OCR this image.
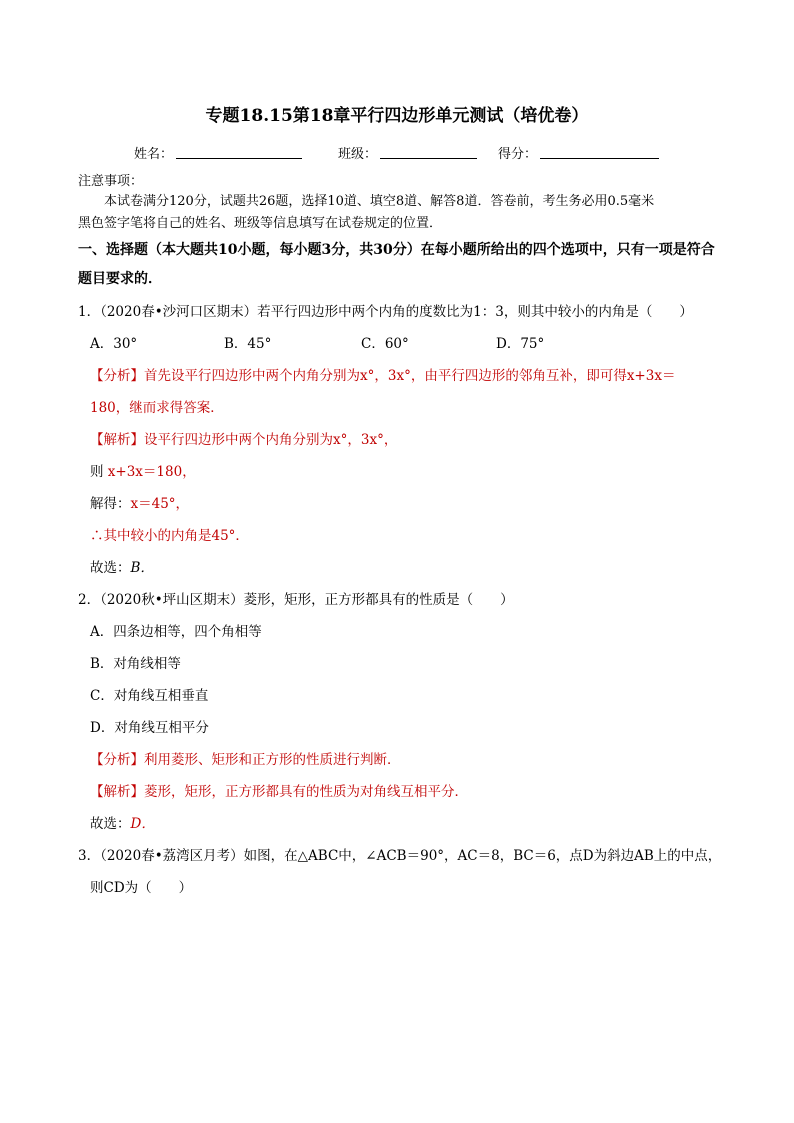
专题18.15第18章平行四边形单元测试（培优卷）
姓名：	班级：	得分：
注意事项：
本试卷满分120分，试题共26题，选择10道、填空8道、解答8道．答卷前，考生务必用0.5毫米
黑色签字笔将自己的姓名、班级等信息填写在试卷规定的位置．
一、选择题（本大题共10小题，每小题3分，共30分）在每小题所给出的四个选项中，只有一项是符合
题目要求的．
1．（2020春•沙河口区期末）若平行四边形中两个内角的度数比为1：3，则其中较小的内角是（　　）
A．30°	B．45°	C．60°	D．75°
【分析】首先设平行四边形中两个内角分别为x°，3x°，由平行四边形的邻角互补，即可得x+3x＝
180，继而求得答案．
【解析】设平行四边形中两个内角分别为x°，3x°，
则 x+3x＝180，
解得：x＝45°，
∴其中较小的内角是45°．
故选：B．
2．（2020秋•坪山区期末）菱形，矩形，正方形都具有的性质是（　　）
A．四条边相等，四个角相等
B．对角线相等
C．对角线互相垂直
D．对角线互相平分
【分析】利用菱形、矩形和正方形的性质进行判断．
【解析】菱形，矩形，正方形都具有的性质为对角线互相平分．
故选：D．
3．（2020春•荔湾区月考）如图，在△ABC中，∠ACB＝90°，AC＝8，BC＝6，点D为斜边AB上的中点，
则CD为（　　）
